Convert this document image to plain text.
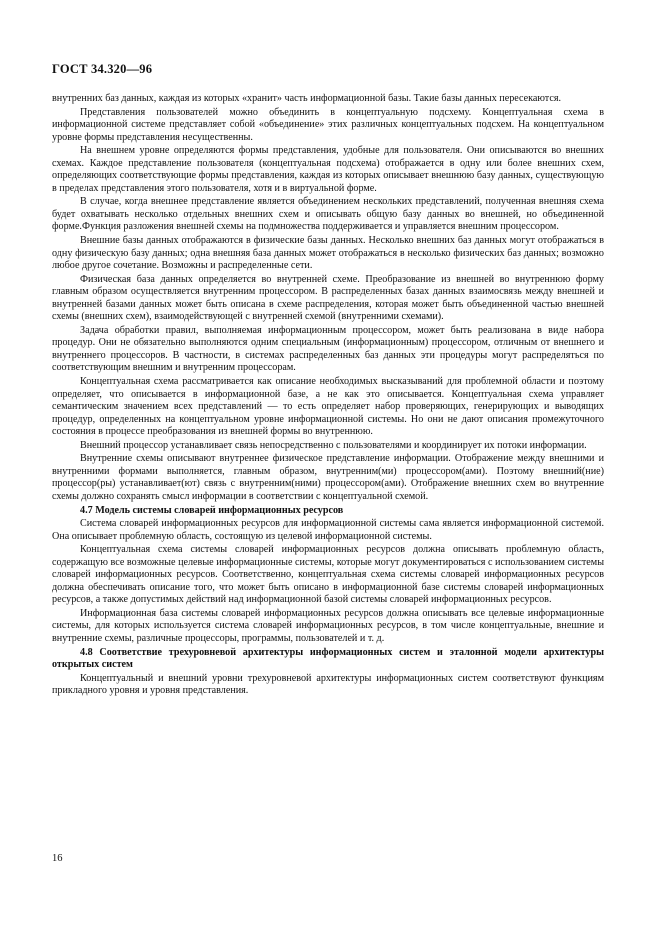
ГОСТ 34.320—96

внутренних баз данных, каждая из которых «хранит» часть информационной базы. Такие базы данных пересекаются.

Представления пользователей можно объединить в концептуальную подсхему. Концептуальная схема в информационной системе представляет собой «объединение» этих различных концептуальных подсхем. На концептуальном уровне формы представления несущественны.

На внешнем уровне определяются формы представления, удобные для пользователя. Они описываются во внешних схемах. Каждое представление пользователя (концептуальная подсхема) отображается в одну или более внешних схем, определяющих соответствующие формы представления, каждая из которых описывает внешнюю базу данных, существующую в пределах представления этого пользователя, хотя и в виртуальной форме.

В случае, когда внешнее представление является объединением нескольких представлений, полученная внешняя схема будет охватывать несколько отдельных внешних схем и описывать общую базу данных во внешней, но объединенной форме.Функция разложения внешней схемы на подмножества поддерживается и управляется внешним процессором.

Внешние базы данных отображаются в физические базы данных. Несколько внешних баз данных могут отображаться в одну физическую базу данных; одна внешняя база данных может отображаться в несколько физических баз данных; возможно любое другое сочетание. Возможны и распределенные сети.

Физическая база данных определяется во внутренней схеме. Преобразование из внешней во внутреннюю форму главным образом осуществляется внутренним процессором. В распределенных базах данных взаимосвязь между внешней и внутренней базами данных может быть описана в схеме распределения, которая может быть объединенной частью внешней схемы (внешних схем), взаимодействующей с внутренней схемой (внутренними схемами).

Задача обработки правил, выполняемая информационным процессором, может быть реализована в виде набора процедур. Они не обязательно выполняются одним специальным (информационным) процессором, отличным от внешнего и внутреннего процессоров. В частности, в системах распределенных баз данных эти процедуры могут распределяться по соответствующим внешним и внутренним процессорам.

Концептуальная схема рассматривается как описание необходимых высказываний для проблемной области и поэтому определяет, что описывается в информационной базе, а не как это описывается. Концептуальная схема управляет семантическим значением всех представлений — то есть определяет набор проверяющих, генерирующих и выводящих процедур, определенных на концептуальном уровне информационной системы. Но они не дают описания промежуточного состояния в процессе преобразования из внешней формы во внутреннюю.

Внешний процессор устанавливает связь непосредственно с пользователями и координирует их потоки информации.

Внутренние схемы описывают внутреннее физическое представление информации. Отображение между внешними и внутренними формами выполняется, главным образом, внутренним(ми) процессором(ами). Поэтому внешний(ние) процессор(ры) устанавливает(ют) связь с внутренним(ними) процессором(ами). Отображение внешних схем во внутренние схемы должно сохранять смысл информации в соответствии с концептуальной схемой.

4.7 Модель системы словарей информационных ресурсов

Система словарей информационных ресурсов для информационной системы сама является информационной системой. Она описывает проблемную область, состоящую из целевой информационной системы.

Концептуальная схема системы словарей информационных ресурсов должна описывать проблемную область, содержащую все возможные целевые информационные системы, которые могут документироваться с использованием системы словарей информационных ресурсов. Соответственно, концептуальная схема системы словарей информационных ресурсов должна обеспечивать описание того, что может быть описано в информационной базе системы словарей информационных ресурсов, а также допустимых действий над информационной базой системы словарей информационных ресурсов.

Информационная база системы словарей информационных ресурсов должна описывать все целевые информационные системы, для которых используется система словарей информационных ресурсов, в том числе концептуальные, внешние и внутренние схемы, различные процессоры, программы, пользователей и т. д.

4.8 Соответствие трехуровневой архитектуры информационных систем и эталонной модели архитектуры открытых систем

Концептуальный и внешний уровни трехуровневой архитектуры информационных систем соответствуют функциям прикладного уровня и уровня представления.

16
